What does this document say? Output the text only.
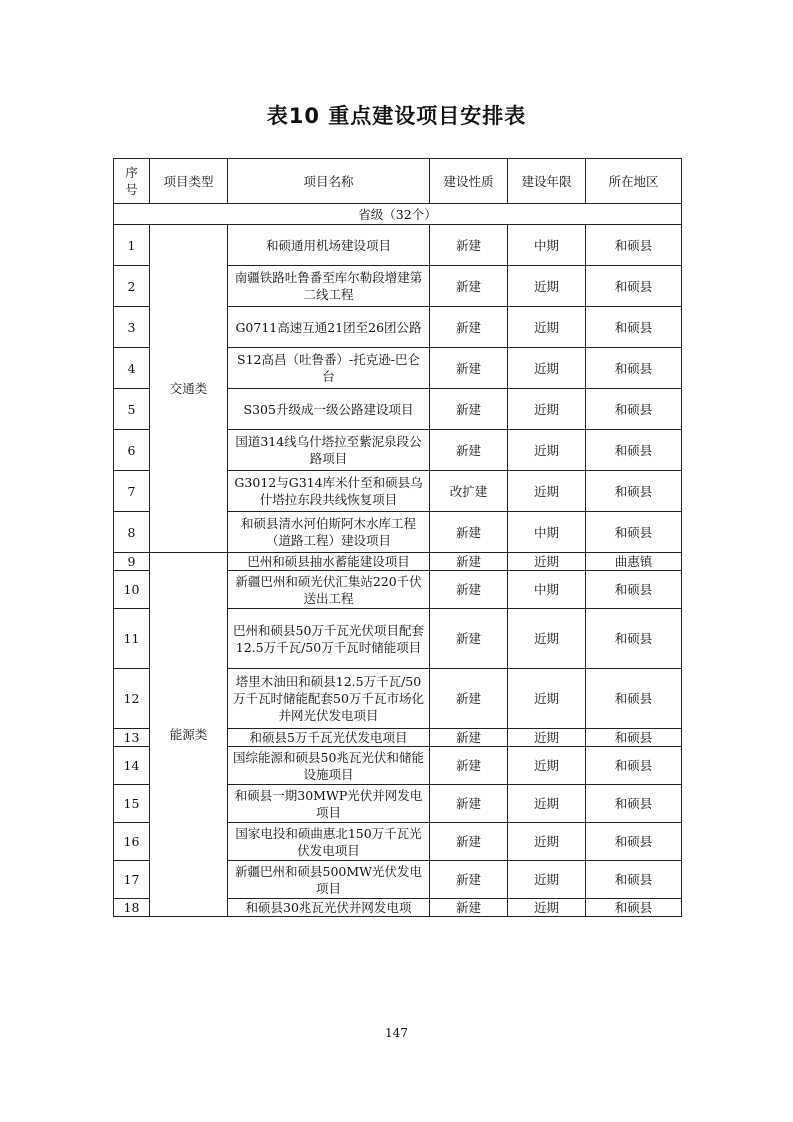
表10 重点建设项目安排表
序号	项目类型	项目名称	建设性质	建设年限	所在地区
省级（32个）					
1	交通类	和硕通用机场建设项目	新建	中期	和硕县
2		南疆铁路吐鲁番至库尔勒段增建第二线工程	新建	近期	和硕县
3		G0711高速互通21团至26团公路	新建	近期	和硕县
4		S12高昌（吐鲁番）-托克逊-巴仑台	新建	近期	和硕县
5		S305升级成一级公路建设项目	新建	近期	和硕县
6		国道314线乌什塔拉至紫泥泉段公路项目	新建	近期	和硕县
7		G3012与G314库米什至和硕县乌什塔拉东段共线恢复项目	改扩建	近期	和硕县
8		和硕县清水河伯斯阿木水库工程（道路工程）建设项目	新建	中期	和硕县
9	能源类	巴州和硕县抽水蓄能建设项目	新建	近期	曲惠镇
10		新疆巴州和硕光伏汇集站220千伏送出工程	新建	中期	和硕县
11		巴州和硕县50万千瓦光伏项目配套12.5万千瓦/50万千瓦时储能项目	新建	近期	和硕县
12		塔里木油田和硕县12.5万千瓦/50万千瓦时储能配套50万千瓦市场化并网光伏发电项目	新建	近期	和硕县
13		和硕县5万千瓦光伏发电项目	新建	近期	和硕县
14		国综能源和硕县50兆瓦光伏和储能设施项目	新建	近期	和硕县
15		和硕县一期30MWP光伏并网发电项目	新建	近期	和硕县
16		国家电投和硕曲惠北150万千瓦光伏发电项目	新建	近期	和硕县
17		新疆巴州和硕县500MW光伏发电项目	新建	近期	和硕县
18		和硕县30兆瓦光伏并网发电项	新建	近期	和硕县
147
